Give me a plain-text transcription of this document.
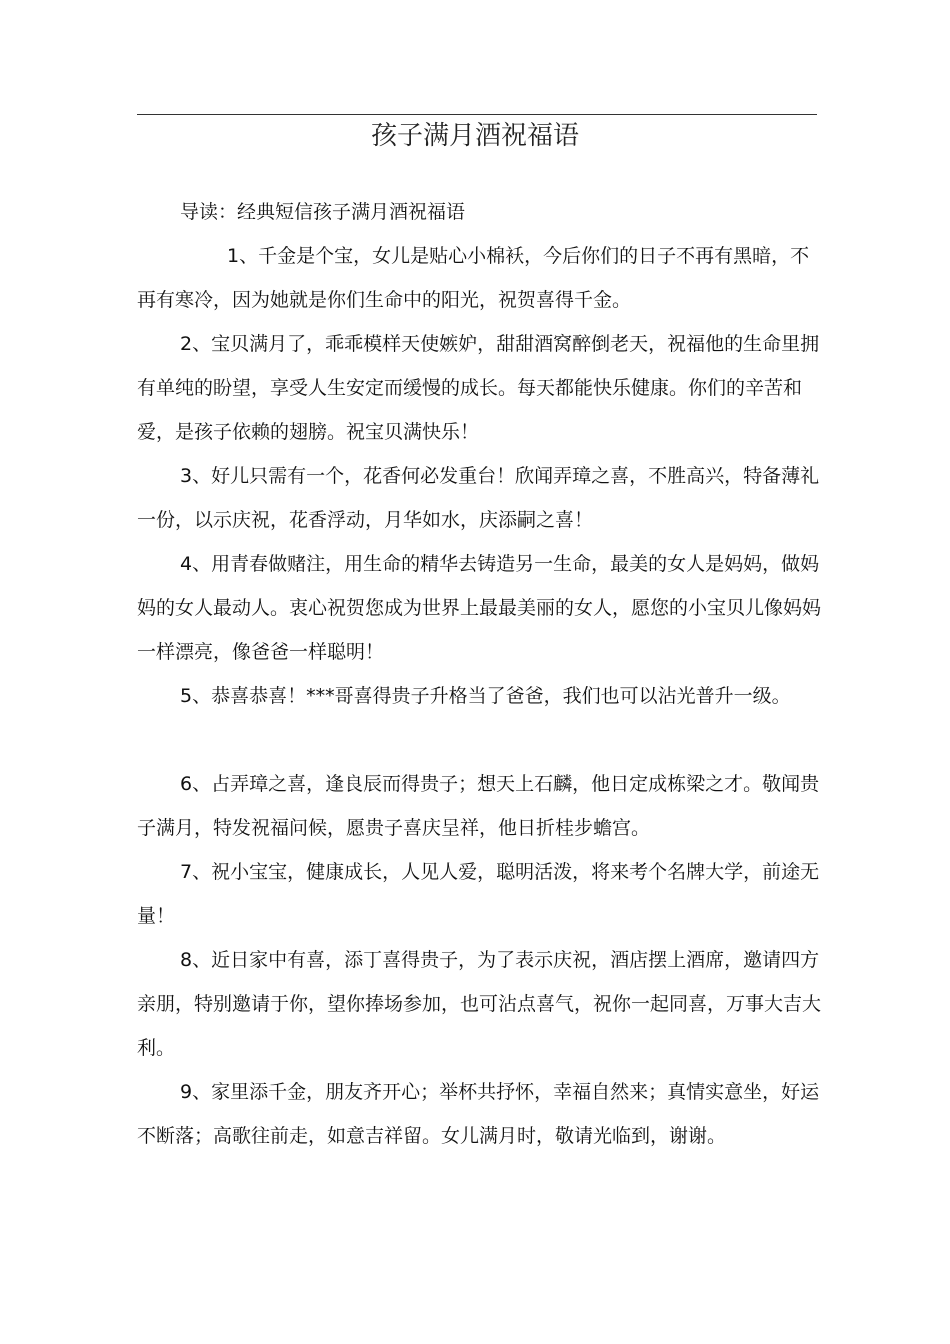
孩子满月酒祝福语

导读：经典短信孩子满月酒祝福语

1、千金是个宝，女儿是贴心小棉袄，今后你们的日子不再有黑暗，不再有寒冷，因为她就是你们生命中的阳光，祝贺喜得千金。

2、宝贝满月了，乖乖模样天使嫉妒，甜甜酒窝醉倒老天，祝福他的生命里拥有单纯的盼望，享受人生安定而缓慢的成长。每天都能快乐健康。你们的辛苦和爱，是孩子依赖的翅膀。祝宝贝满快乐！

3、好儿只需有一个，花香何必发重台！欣闻弄璋之喜，不胜高兴，特备薄礼一份，以示庆祝，花香浮动，月华如水，庆添嗣之喜！

4、用青春做赌注，用生命的精华去铸造另一生命，最美的女人是妈妈，做妈妈的女人最动人。衷心祝贺您成为世界上最最美丽的女人，愿您的小宝贝儿像妈妈一样漂亮，像爸爸一样聪明！

5、恭喜恭喜！***哥喜得贵子升格当了爸爸，我们也可以沾光普升一级。

6、占弄璋之喜，逢良辰而得贵子；想天上石麟，他日定成栋梁之才。敬闻贵子满月，特发祝福问候，愿贵子喜庆呈祥，他日折桂步蟾宫。

7、祝小宝宝，健康成长，人见人爱，聪明活泼，将来考个名牌大学，前途无量！

8、近日家中有喜，添丁喜得贵子，为了表示庆祝，酒店摆上酒席，邀请四方亲朋，特别邀请于你，望你捧场参加，也可沾点喜气，祝你一起同喜，万事大吉大利。

9、家里添千金，朋友齐开心；举杯共抒怀，幸福自然来；真情实意坐，好运不断落；高歌往前走，如意吉祥留。女儿满月时，敬请光临到，谢谢。
